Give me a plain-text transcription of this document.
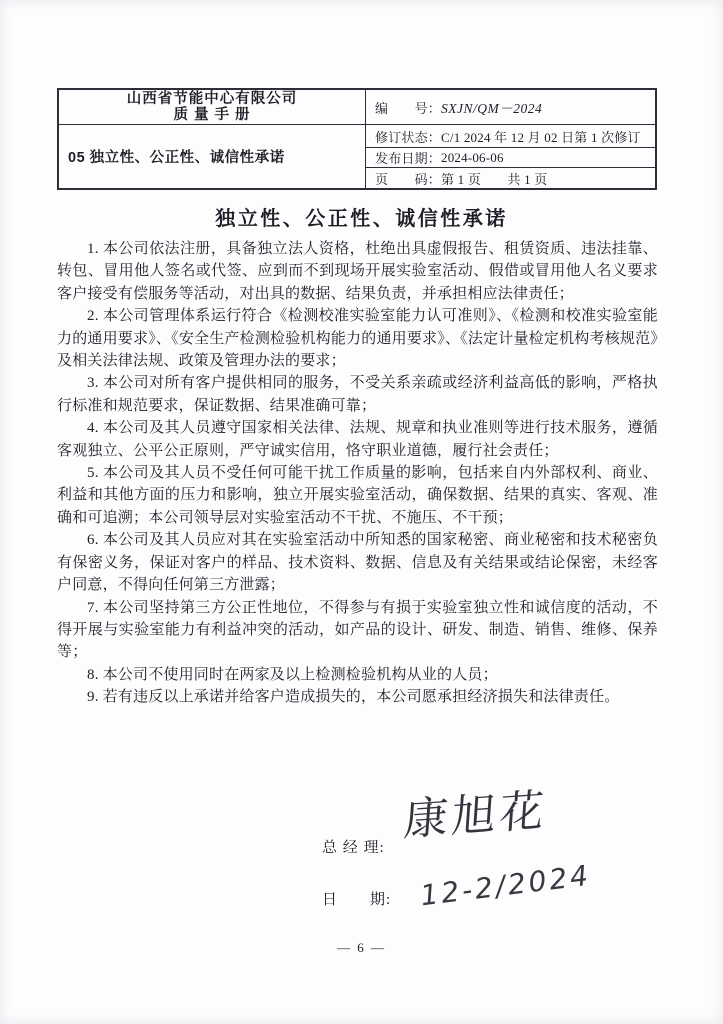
山西省节能中心有限公司
质 量 手 册
05 独立性、公正性、诚信性承诺
编　　号： SXJN/QM－2024
修订状态： C/1 2024 年 12 月 02 日第 1 次修订
发布日期： 2024-06-06
页　　码： 第 1 页　　共 1 页
独立性、公正性、诚信性承诺

1. 本公司依法注册，具备独立法人资格，杜绝出具虚假报告、租赁资质、违法挂靠、转包、冒用他人签名或代签、应到而不到现场开展实验室活动、假借或冒用他人名义要求客户接受有偿服务等活动，对出具的数据、结果负责，并承担相应法律责任；

2. 本公司管理体系运行符合《检测校准实验室能力认可准则》、《检测和校准实验室能力的通用要求》、《安全生产检测检验机构能力的通用要求》、《法定计量检定机构考核规范》及相关法律法规、政策及管理办法的要求；

3. 本公司对所有客户提供相同的服务，不受关系亲疏或经济利益高低的影响，严格执行标准和规范要求，保证数据、结果准确可靠；

4. 本公司及其人员遵守国家相关法律、法规、规章和执业准则等进行技术服务，遵循客观独立、公平公正原则，严守诚实信用，恪守职业道德，履行社会责任；

5. 本公司及其人员不受任何可能干扰工作质量的影响，包括来自内外部权利、商业、利益和其他方面的压力和影响，独立开展实验室活动，确保数据、结果的真实、客观、准确和可追溯；本公司领导层对实验室活动不干扰、不施压、不干预；

6. 本公司及其人员应对其在实验室活动中所知悉的国家秘密、商业秘密和技术秘密负有保密义务，保证对客户的样品、技术资料、数据、信息及有关结果或结论保密，未经客户同意，不得向任何第三方泄露；

7. 本公司坚持第三方公正性地位，不得参与有损于实验室独立性和诚信度的活动，不得开展与实验室能力有利益冲突的活动，如产品的设计、研发、制造、销售、维修、保养等；

8. 本公司不使用同时在两家及以上检测检验机构从业的人员；

9. 若有违反以上承诺并给客户造成损失的，本公司愿承担经济损失和法律责任。

总 经 理:
康旭花
日　　期: 12-2/2024
— 6 —
